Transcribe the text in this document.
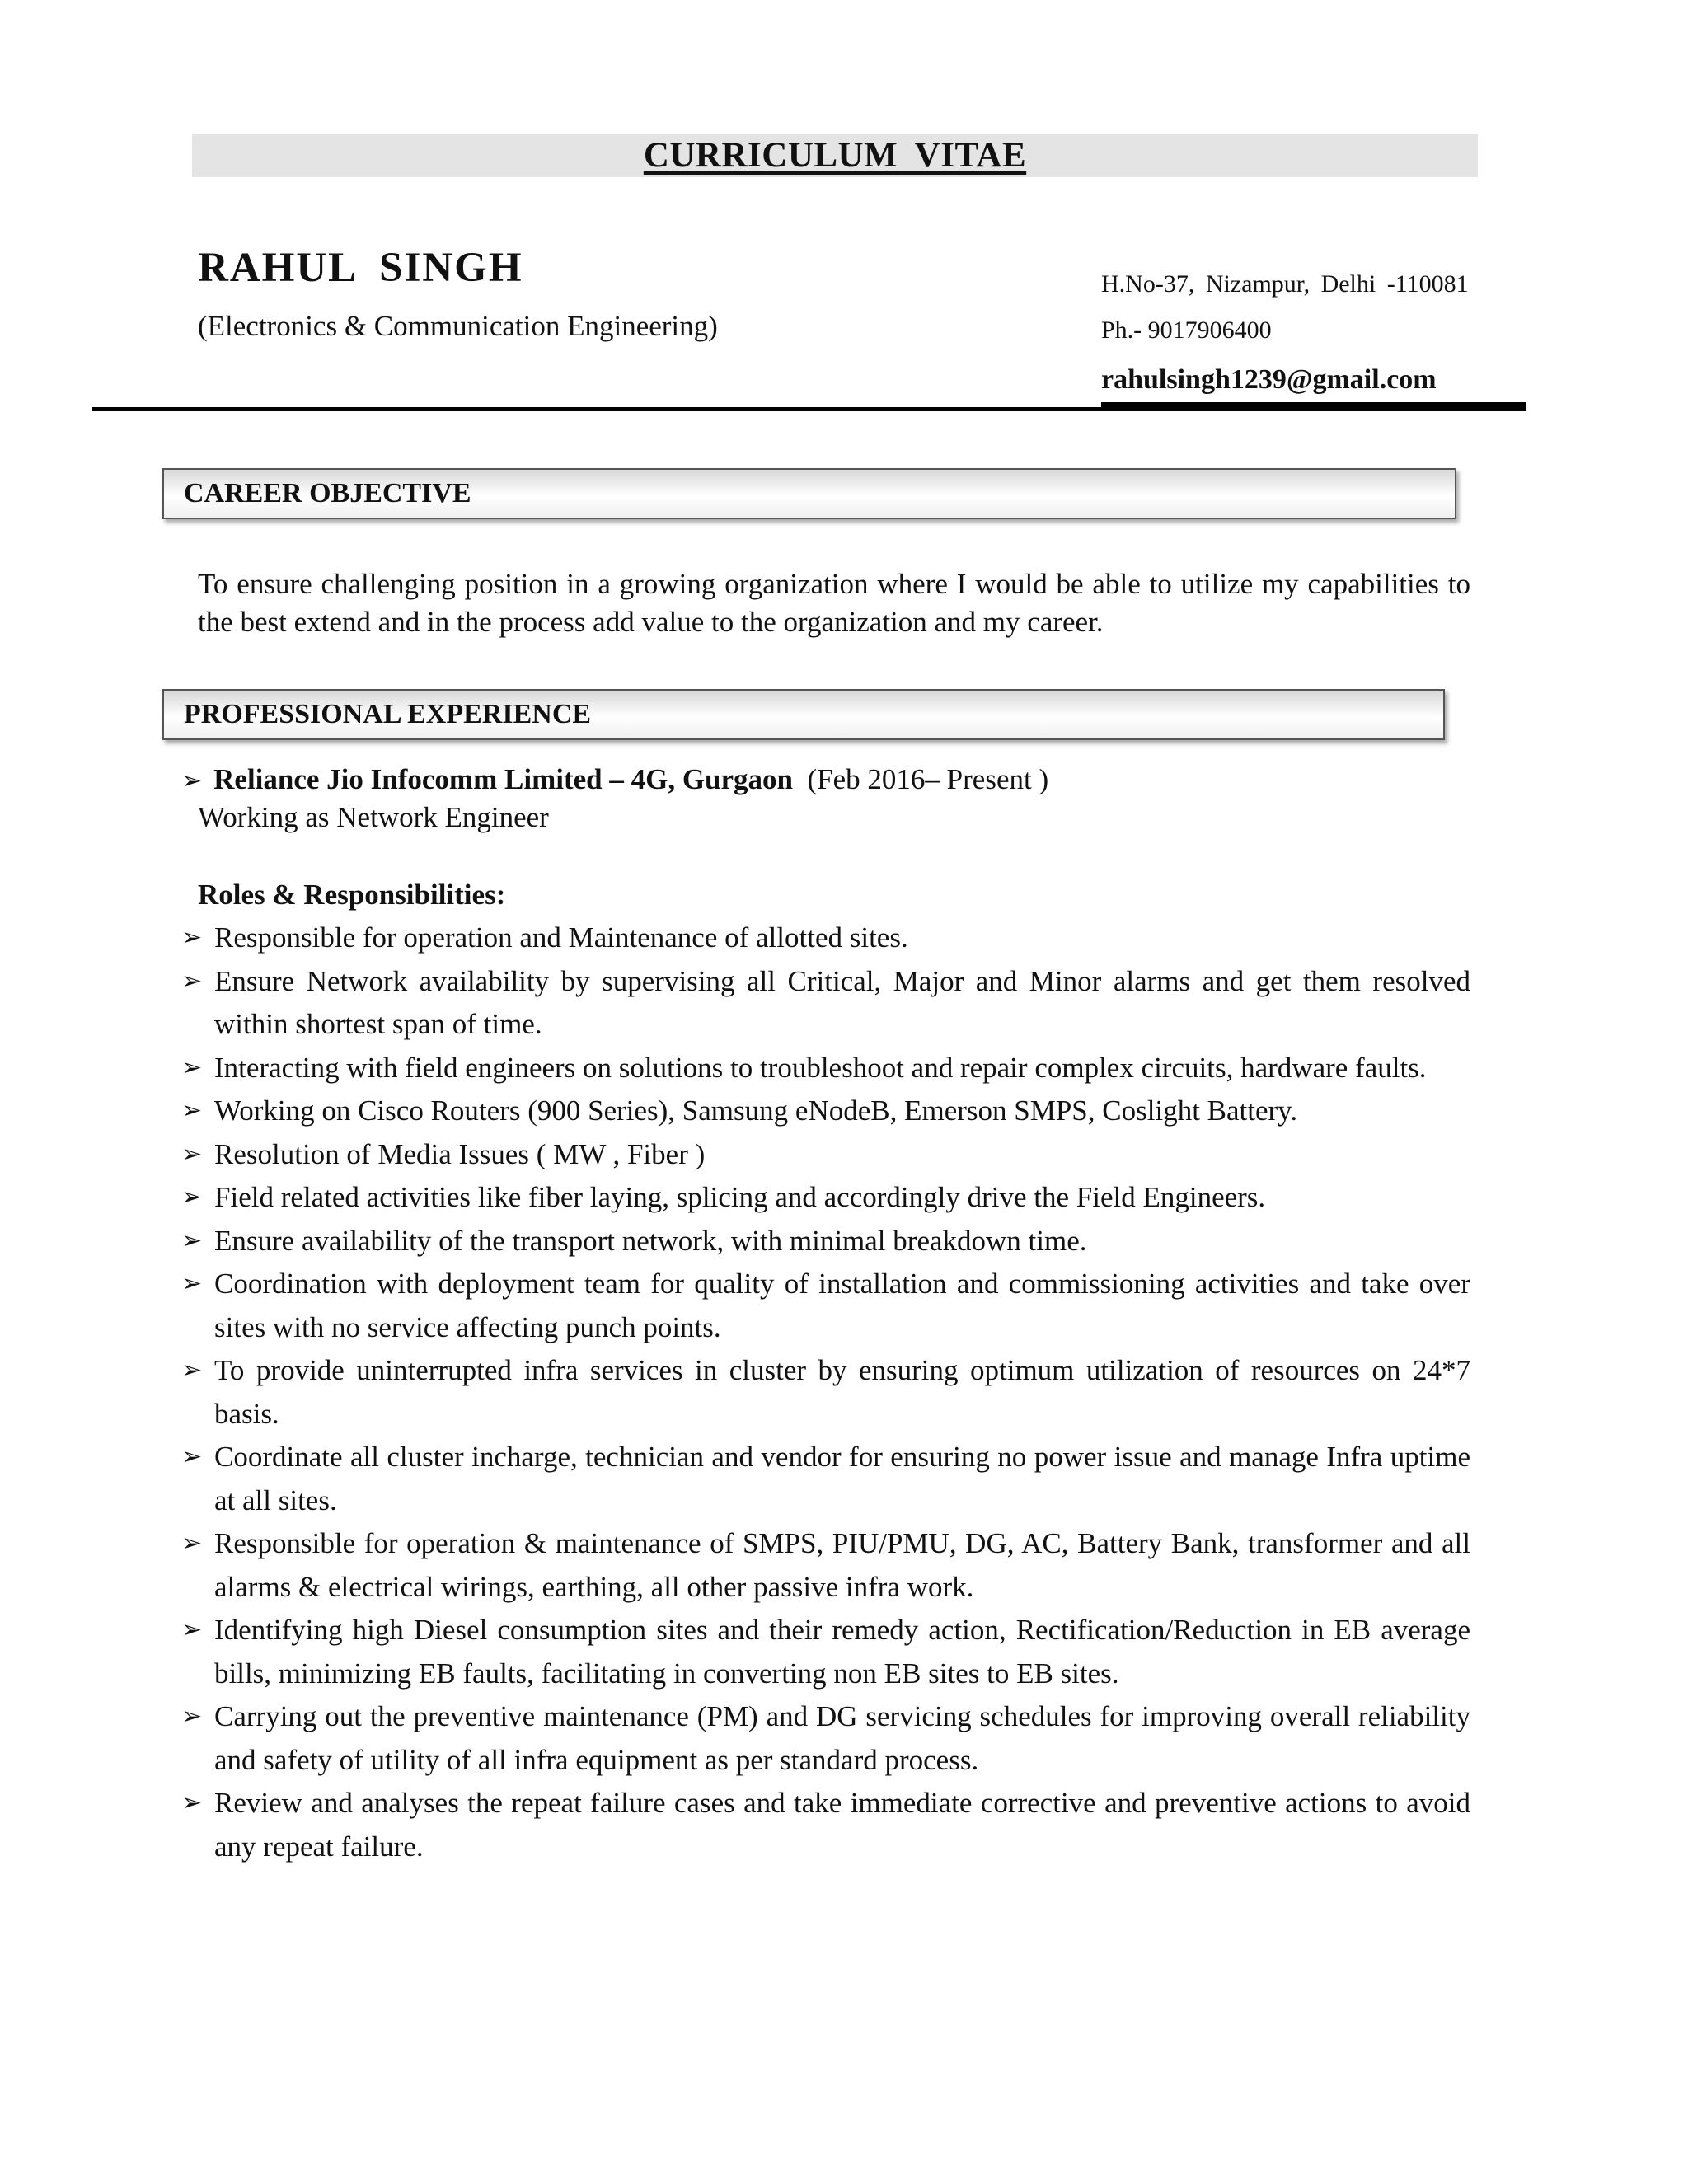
CURRICULUM VITAE
RAHUL SINGH
(Electronics & Communication Engineering)
H.No-37, Nizampur, Delhi -110081
Ph.- 9017906400
rahulsingh1239@gmail.com
CAREER OBJECTIVE
To ensure challenging position in a growing organization where I would be able to utilize my capabilities to the best extend and in the process add value to the organization and my career.
PROFESSIONAL EXPERIENCE
➢ Reliance Jio Infocomm Limited – 4G, Gurgaon (Feb 2016– Present )
Working as Network Engineer
Roles & Responsibilities:
➢ Responsible for operation and Maintenance of allotted sites.
➢ Ensure Network availability by supervising all Critical, Major and Minor alarms and get them resolved within shortest span of time.
➢ Interacting with field engineers on solutions to troubleshoot and repair complex circuits, hardware faults.
➢ Working on Cisco Routers (900 Series), Samsung eNodeB, Emerson SMPS, Coslight Battery.
➢ Resolution of Media Issues ( MW , Fiber )
➢ Field related activities like fiber laying, splicing and accordingly drive the Field Engineers.
➢ Ensure availability of the transport network, with minimal breakdown time.
➢ Coordination with deployment team for quality of installation and commissioning activities and take over sites with no service affecting punch points.
➢ To provide uninterrupted infra services in cluster by ensuring optimum utilization of resources on 24*7 basis.
➢ Coordinate all cluster incharge, technician and vendor for ensuring no power issue and manage Infra uptime at all sites.
➢ Responsible for operation & maintenance of SMPS, PIU/PMU, DG, AC, Battery Bank, transformer and all alarms & electrical wirings, earthing, all other passive infra work.
➢ Identifying high Diesel consumption sites and their remedy action, Rectification/Reduction in EB average bills, minimizing EB faults, facilitating in converting non EB sites to EB sites.
➢ Carrying out the preventive maintenance (PM) and DG servicing schedules for improving overall reliability and safety of utility of all infra equipment as per standard process.
➢ Review and analyses the repeat failure cases and take immediate corrective and preventive actions to avoid any repeat failure.
